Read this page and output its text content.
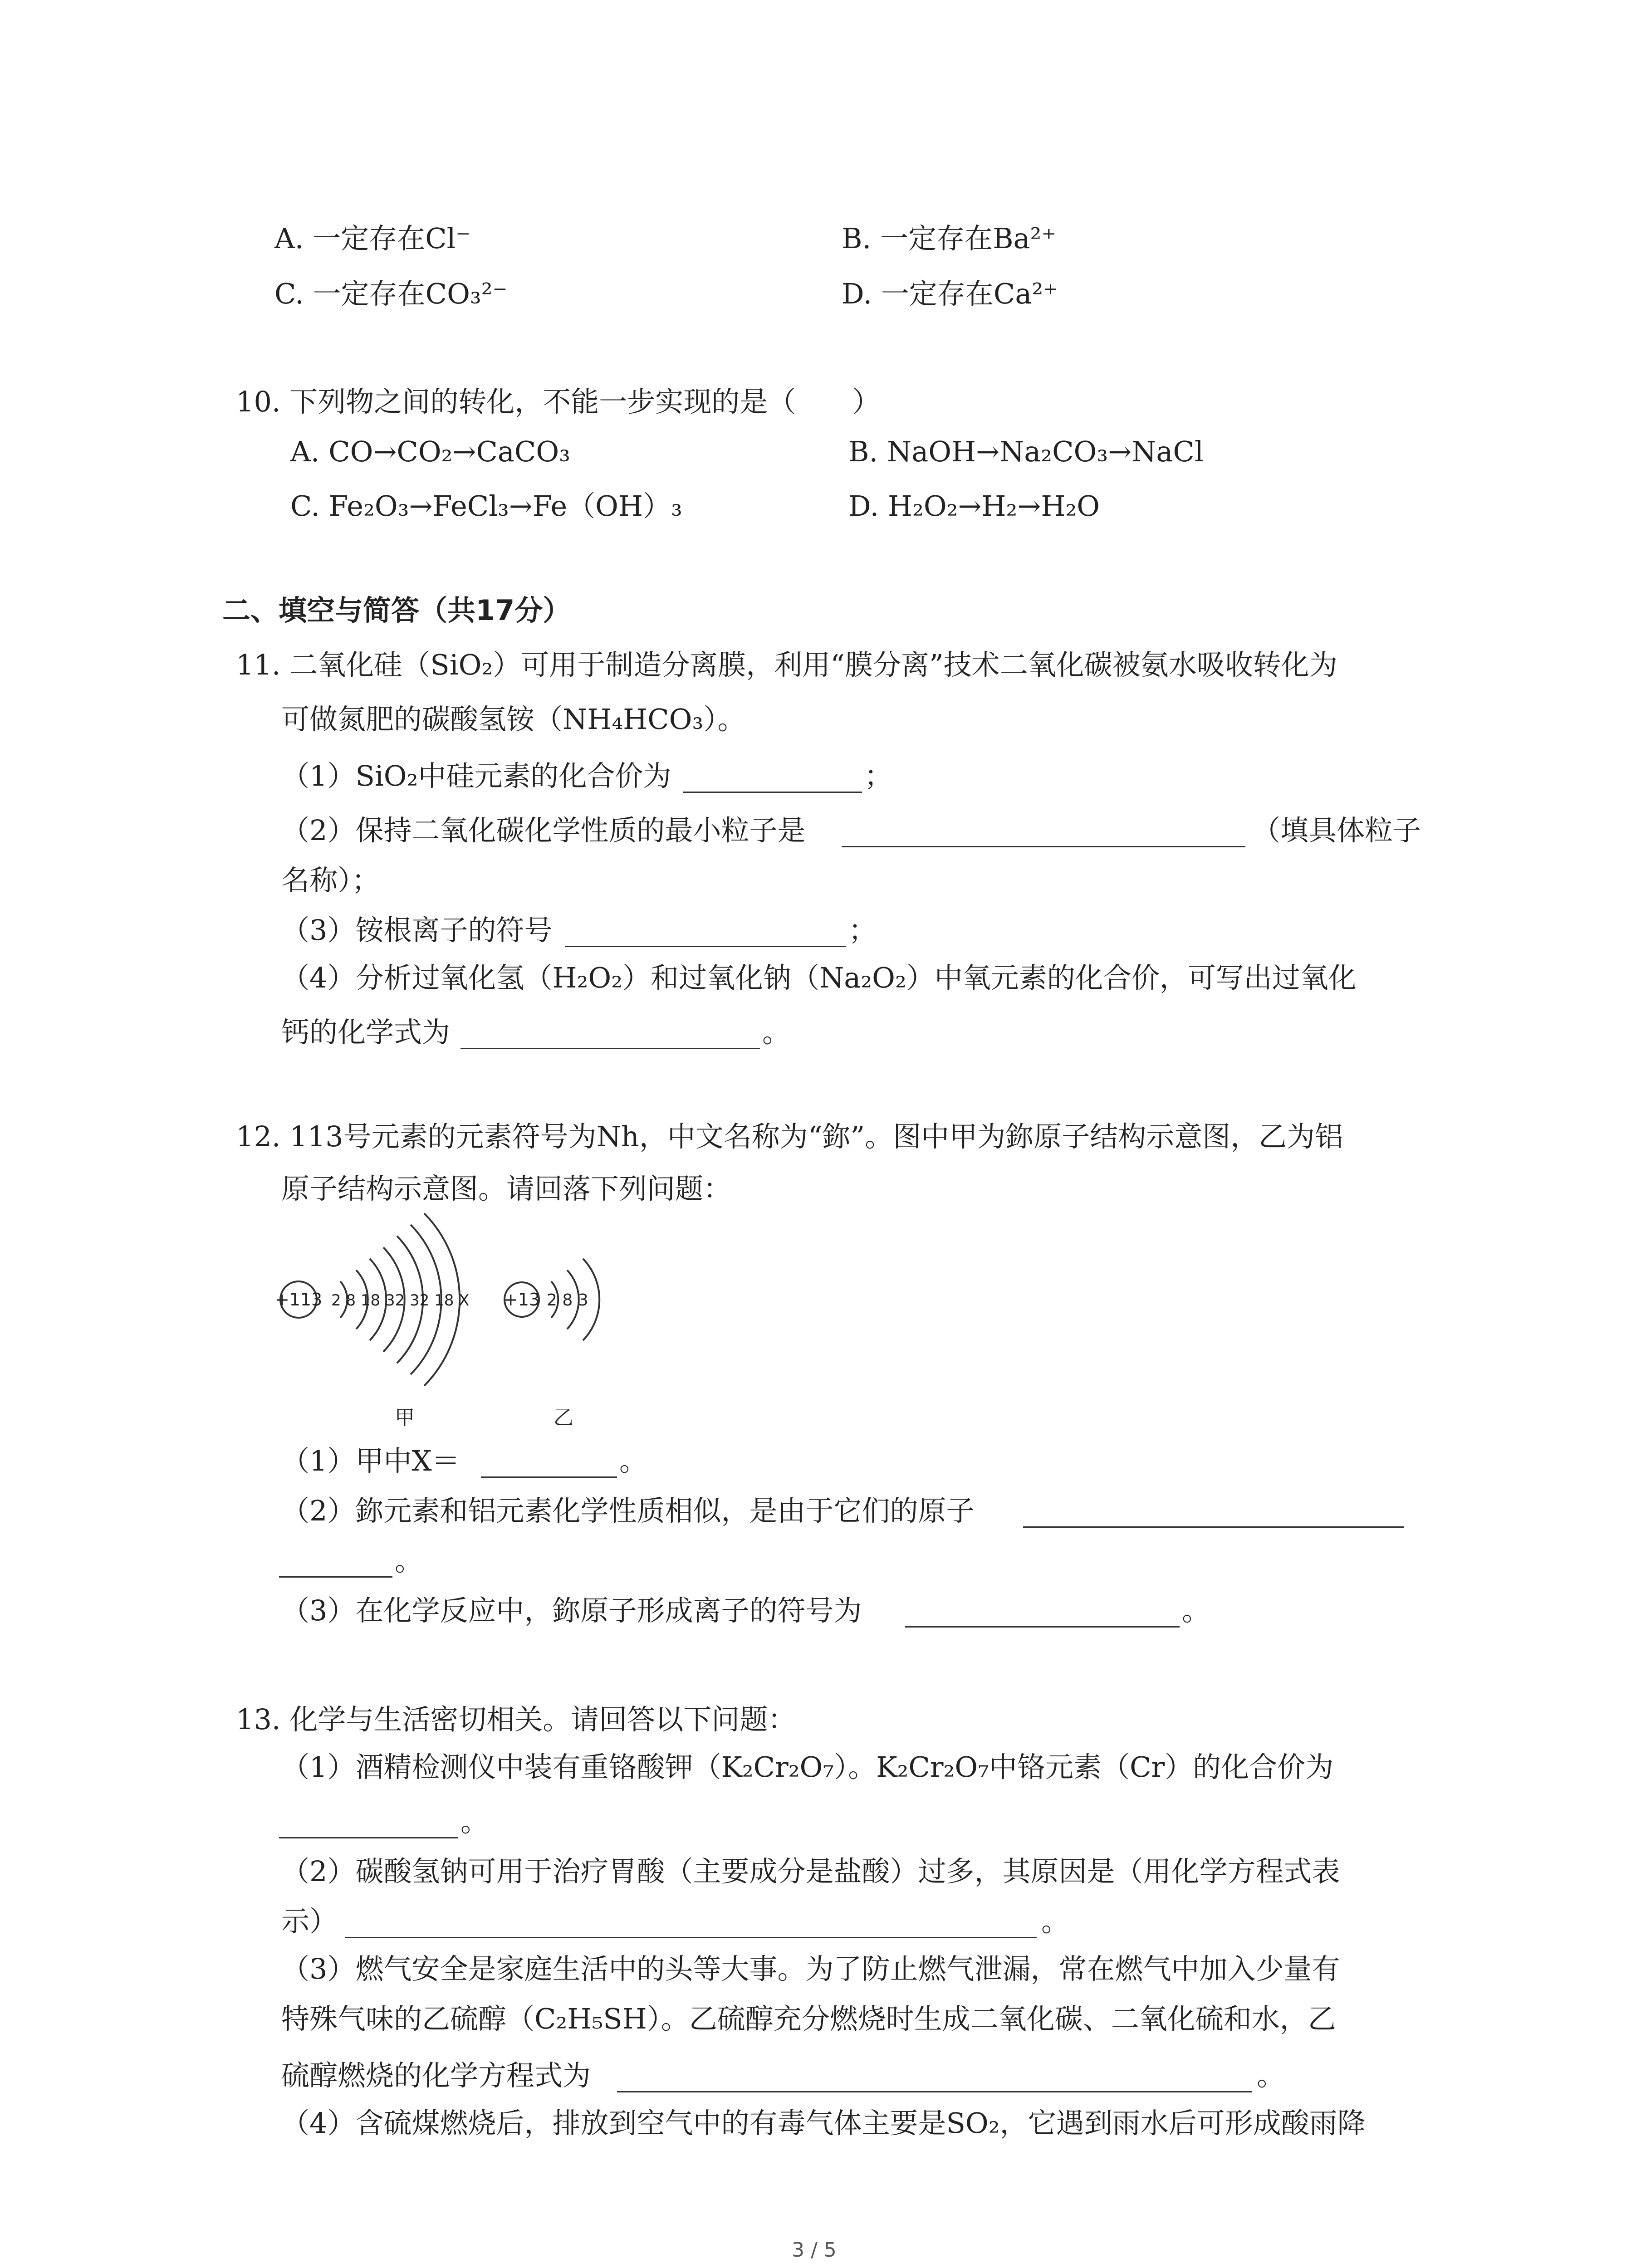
A. 一定存在Cl⁻	B. 一定存在Ba²⁺
C. 一定存在CO₃²⁻	D. 一定存在Ca²⁺
10. 下列物之间的转化，不能一步实现的是（　　）
A. CO→CO₂→CaCO₃	B. NaOH→Na₂CO₃→NaCl
C. Fe₂O₃→FeCl₃→Fe（OH）₃	D. H₂O₂→H₂→H₂O
二、填空与简答（共17分）
11. 二氧化硅（SiO₂）可用于制造分离膜，利用“膜分离”技术二氧化碳被氨水吸收转化为
可做氮肥的碳酸氢铵（NH₄HCO₃）。
（1）SiO₂中硅元素的化合价为	；
（2）保持二氧化碳化学性质的最小粒子是	（填具体粒子
名称）；
（3）铵根离子的符号	；
（4）分析过氧化氢（H₂O₂）和过氧化钠（Na₂O₂）中氧元素的化合价，可写出过氧化
钙的化学式为	。
12. 113号元素的元素符号为Nh，中文名称为“鉨”。图中甲为鉨原子结构示意图，乙为铝
原子结构示意图。请回落下列问题：
+113 2 8 18 32 32 18 X
甲
+13 2 8 3
乙
（1）甲中X＝	。
（2）鉨元素和铝元素化学性质相似，是由于它们的原子
。
（3）在化学反应中，鉨原子形成离子的符号为	。
13. 化学与生活密切相关。请回答以下问题：
（1）酒精检测仪中装有重铬酸钾（K₂Cr₂O₇）。K₂Cr₂O₇中铬元素（Cr）的化合价为
。
（2）碳酸氢钠可用于治疗胃酸（主要成分是盐酸）过多，其原因是（用化学方程式表
示）	。
（3）燃气安全是家庭生活中的头等大事。为了防止燃气泄漏，常在燃气中加入少量有
特殊气味的乙硫醇（C₂H₅SH）。乙硫醇充分燃烧时生成二氧化碳、二氧化硫和水，乙
硫醇燃烧的化学方程式为	。
（4）含硫煤燃烧后，排放到空气中的有毒气体主要是SO₂，它遇到雨水后可形成酸雨降
3 / 5
